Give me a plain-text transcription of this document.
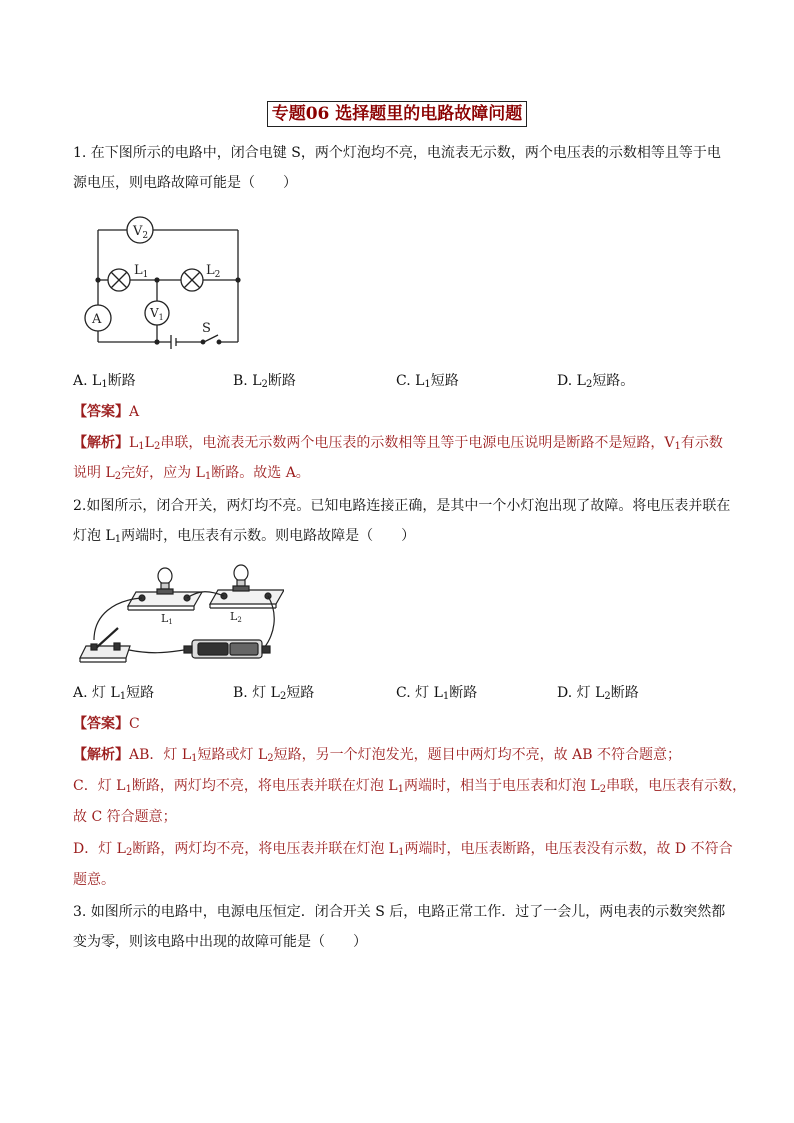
专题06 选择题里的电路故障问题
1. 在下图所示的电路中，闭合电键 S，两个灯泡均不亮，电流表无示数，两个电压表的示数相等且等于电
源电压，则电路故障可能是（　　）
$V_2$
$L_1$	$L_2$
A	$V_1$
S
A. $L_1$断路	B. $L_2$断路	C. $L_1$短路	D. $L_2$短路。
【答案】A
【解析】$L_1L_2$串联，电流表无示数两个电压表的示数相等且等于电源电压说明是断路不是短路，$V_1$有示数
说明 $L_2$完好，应为 $L_1$断路。故选 A。
2.如图所示，闭合开关，两灯均不亮。已知电路连接正确，是其中一个小灯泡出现了故障。将电压表并联在
灯泡 $L_1$两端时，电压表有示数。则电路故障是（　　）
L1	L2
A. 灯 $L_1$短路	B. 灯 $L_2$短路	C. 灯 $L_1$断路	D. 灯 $L_2$断路
【答案】C
【解析】AB．灯 $L_1$短路或灯 $L_2$短路，另一个灯泡发光，题目中两灯均不亮，故 AB 不符合题意；
C．灯 $L_1$断路，两灯均不亮，将电压表并联在灯泡 $L_1$两端时，相当于电压表和灯泡 $L_2$串联，电压表有示数，
故 C 符合题意；
D．灯 $L_2$断路，两灯均不亮，将电压表并联在灯泡 $L_1$两端时，电压表断路，电压表没有示数，故 D 不符合
题意。
3. 如图所示的电路中，电源电压恒定．闭合开关 S 后，电路正常工作．过了一会儿，两电表的示数突然都
变为零，则该电路中出现的故障可能是（　　）
